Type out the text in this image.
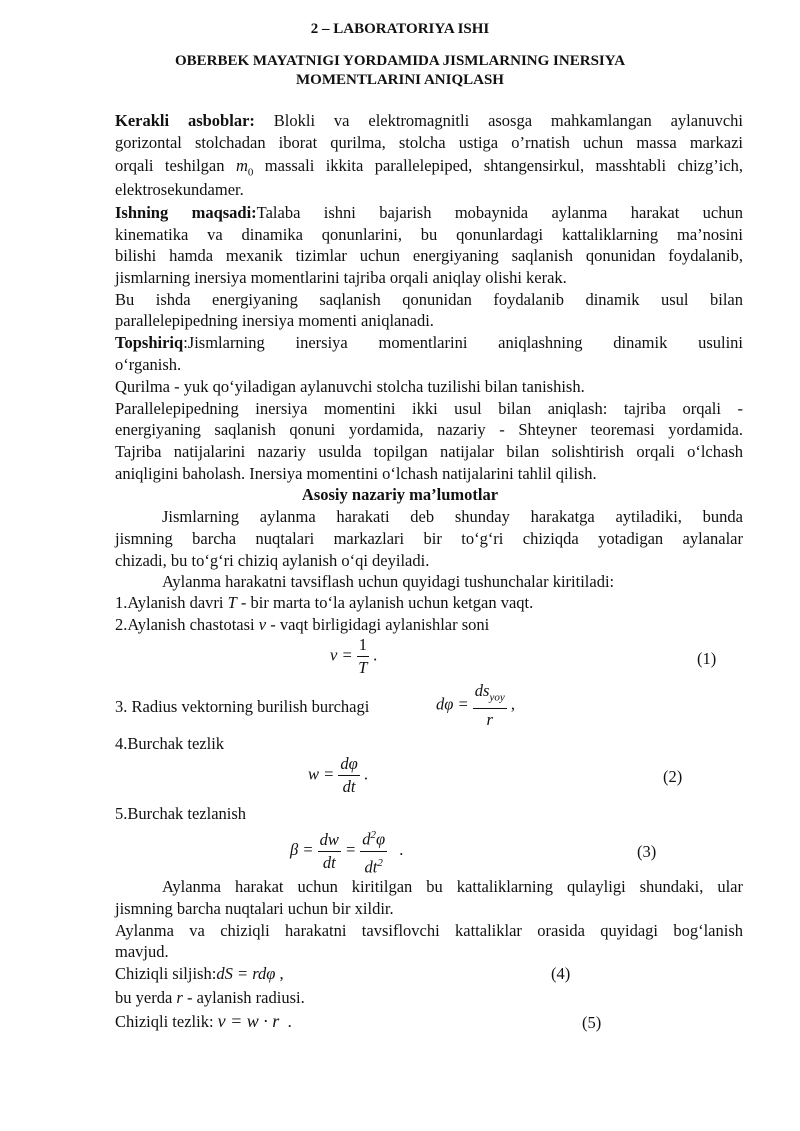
2 – LABORATORIYA ISHI
OBERBEK MAYATNIGI YORDAMIDA JISMLARNING INERSIYA
MOMENTLARINI ANIQLASH
Kerakli asboblar: Blokli va elektromagnitli asosga mahkamlangan aylanuvchi
gorizontal stolchadan iborat qurilma, stolcha ustiga o’rnatish uchun massa markazi
orqali teshilgan $m_0$ massali ikkita parallelepiped, shtangensirkul, masshtabli chizg’ich,
elektrosekundamer.
Ishning maqsadi:Talaba ishni bajarish mobaynida aylanma harakat uchun
kinematika va dinamika qonunlarini, bu qonunlardagi kattaliklarning ma’nosini
bilishi hamda mexanik tizimlar uchun energiyaning saqlanish qonunidan foydalanib,
jismlarning inersiya momentlarini tajriba orqali aniqlay olishi kerak.
Bu ishda energiyaning saqlanish qonunidan foydalanib dinamik usul bilan
parallelepipedning inersiya momenti aniqlanadi.
Topshiriq:Jismlarning inersiya momentlarini aniqlashning dinamik usulini
o‘rganish.
Qurilma - yuk qo‘yiladigan aylanuvchi stolcha tuzilishi bilan tanishish.
Parallelepipedning inersiya momentini ikki usul bilan aniqlash: tajriba orqali -
energiyaning saqlanish qonuni yordamida, nazariy - Shteyner teoremasi yordamida.
Tajriba natijalarini nazariy usulda topilgan natijalar bilan solishtirish orqali o‘lchash
aniqligini baholash. Inersiya momentini o‘lchash natijalarini tahlil qilish.
Asosiy nazariy ma’lumotlar
Jismlarning aylanma harakati deb shunday harakatga aytiladiki, bunda
jismning barcha nuqtalari markazlari bir to‘g‘ri chiziqda yotadigan aylanalar
chizadi, bu to‘g‘ri chiziq aylanish o‘qi deyiladi.
Aylanma harakatni tavsiflash uchun quyidagi tushunchalar kiritiladi:
1.Aylanish davri T - bir marta to‘la aylanish uchun ketgan vaqt.
2.Aylanish chastotasi ν - vaqt birligidagi aylanishlar soni
$\nu = \frac{1}{T}$ .	(1)
3. Radius vektorning burilish burchagi	$d\varphi = \frac{ds_{yoy}}{r}$ ,
4.Burchak tezlik
$w = \frac{d\varphi}{dt}$ .	(2)
5.Burchak tezlanish
$\beta = \frac{dw}{dt} = \frac{d^2\varphi}{dt^2}$ .	(3)
Aylanma harakat uchun kiritilgan bu kattaliklarning qulayligi shundaki, ular
jismning barcha nuqtalari uchun bir xildir.
Aylanma va chiziqli harakatni tavsiflovchi kattaliklar orasida quyidagi bog‘lanish
mavjud.
Chiziqli siljish:dS = rdφ ,	(4)
bu yerda r - aylanish radiusi.
Chiziqli tezlik: v = w · r  .	(5)
